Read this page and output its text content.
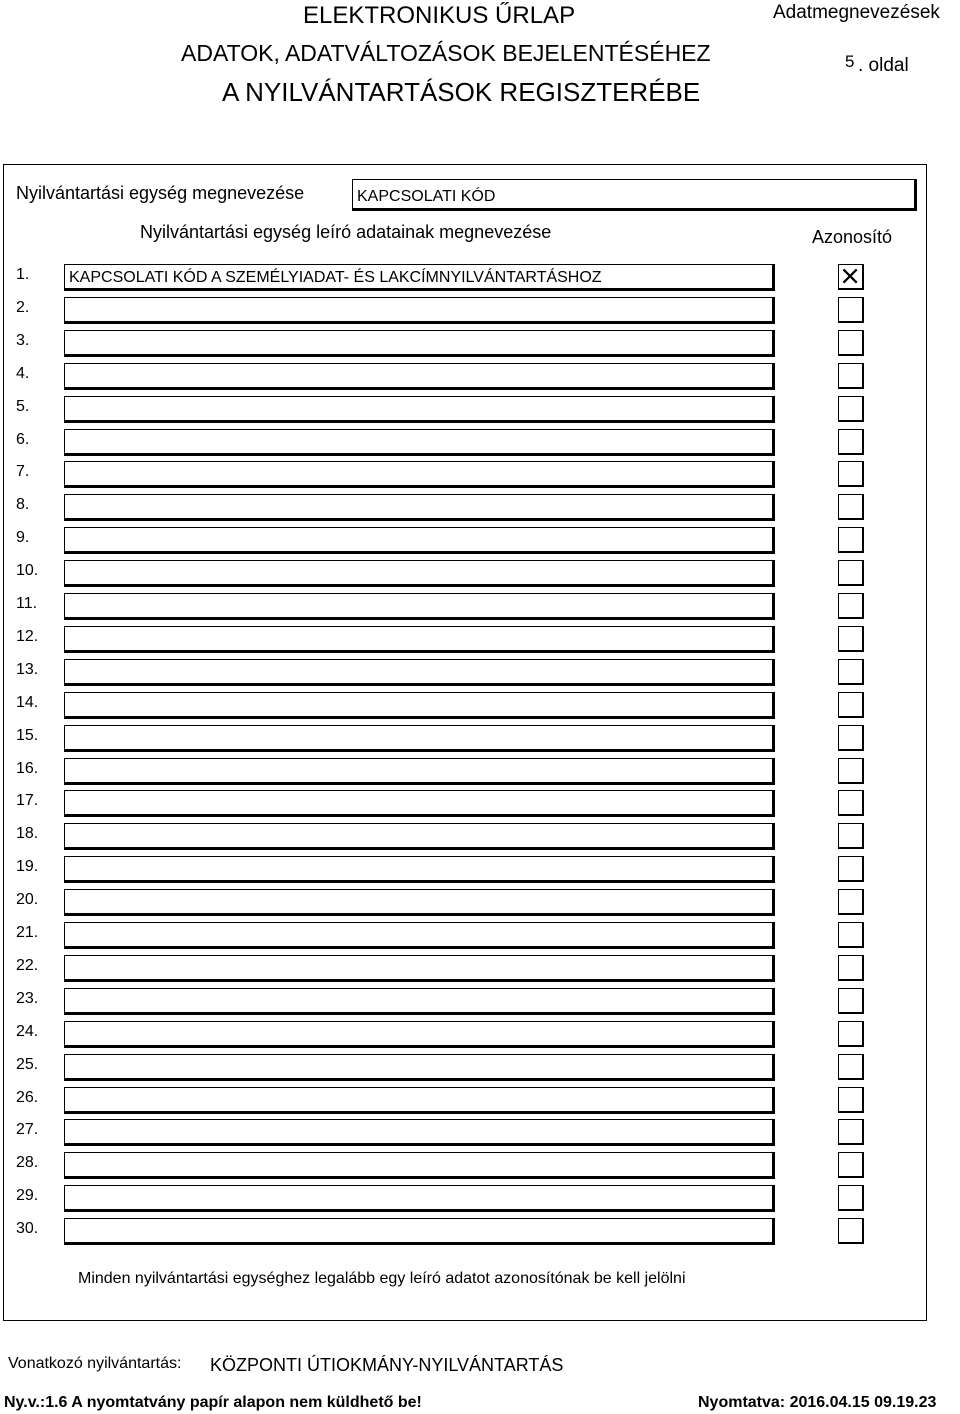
ELEKTRONIKUS ŰRLAP
ADATOK, ADATVÁLTOZÁSOK BEJELENTÉSÉHEZ
A NYILVÁNTARTÁSOK REGISZTERÉBE
Adatmegnevezések
5 . oldal
Nyilvántartási egység megnevezése	KAPCSOLATI KÓD
Nyilvántartási egység leíró adatainak megnevezése	Azonosító
1. KAPCSOLATI KÓD A SZEMÉLYIADAT- ÉS LAKCÍMNYILVÁNTARTÁSHOZ
2.
3.
4.
5.
6.
7.
8.
9.
10.
11.
12.
13.
14.
15.
16.
17.
18.
19.
20.
21.
22.
23.
24.
25.
26.
27.
28.
29.
30.
Minden nyilvántartási egységhez legalább egy leíró adatot azonosítónak be kell jelölni
Vonatkozó nyilvántartás: KÖZPONTI ÚTIOKMÁNY-NYILVÁNTARTÁS
Ny.v.:1.6 A nyomtatvány papír alapon nem küldhető be!	Nyomtatva: 2016.04.15 09.19.23
